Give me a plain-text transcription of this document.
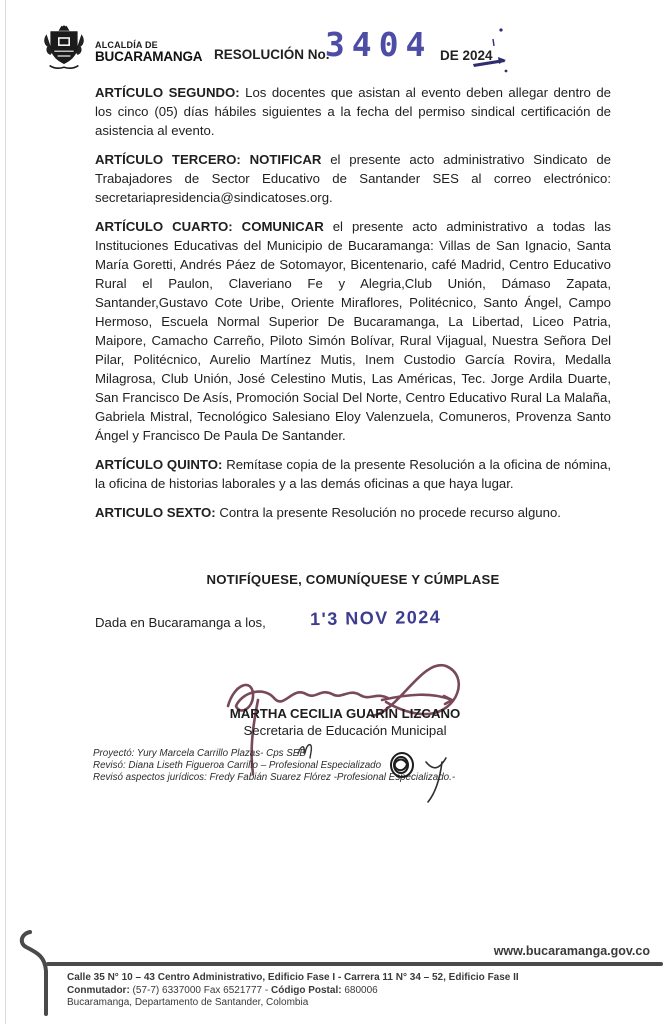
ALCALDÍA DE
BUCARAMANGA RESOLUCIÓN No.
3404 DE 2024

ARTÍCULO SEGUNDO: Los docentes que asistan al evento deben allegar dentro de los cinco (05) días hábiles siguientes a la fecha del permiso sindical certificación de asistencia al evento.

ARTÍCULO TERCERO: NOTIFICAR el presente acto administrativo Sindicato de Trabajadores de Sector Educativo de Santander SES al correo electrónico: secretariapresidencia@sindicatoses.org.

ARTÍCULO CUARTO: COMUNICAR el presente acto administrativo a todas las Instituciones Educativas del Municipio de Bucaramanga: Villas de San Ignacio, Santa María Goretti, Andrés Páez de Sotomayor, Bicentenario, café Madrid, Centro Educativo Rural el Paulon, Claveriano Fe y Alegria,Club Unión, Dámaso Zapata, Santander,Gustavo Cote Uribe, Oriente Miraflores, Politécnico, Santo Ángel, Campo Hermoso, Escuela Normal Superior De Bucaramanga, La Libertad, Liceo Patria, Maipore, Camacho Carreño, Piloto Simón Bolívar, Rural Vijagual, Nuestra Señora Del Pilar, Politécnico, Aurelio Martínez Mutis, Inem Custodio García Rovira, Medalla Milagrosa, Club Unión, José Celestino Mutis, Las Américas, Tec. Jorge Ardila Duarte, San Francisco De Asís, Promoción Social Del Norte, Centro Educativo Rural La Malaña, Gabriela Mistral, Tecnológico Salesiano Eloy Valenzuela, Comuneros, Provenza Santo Ángel y Francisco De Paula De Santander.

ARTÍCULO QUINTO: Remítase copia de la presente Resolución a la oficina de nómina, la oficina de historias laborales y a las demás oficinas a que haya lugar.

ARTICULO SEXTO: Contra la presente Resolución no procede recurso alguno.

NOTIFÍQUESE, COMUNÍQUESE Y CÚMPLASE

Dada en Bucaramanga a los, 1'3 NOV 2024

MARTHA CECILIA GUARÍN LIZCANO
Secretaria de Educación Municipal
Proyectó: Yury Marcela Carrillo Plazas- Cps SEB
Revisó: Diana Liseth Figueroa Carrillo – Profesional Especializado
Revisó aspectos jurídicos: Fredy Fabián Suarez Flórez -Profesional Especializado.-
www.bucaramanga.gov.co
Calle 35 N° 10 – 43 Centro Administrativo, Edificio Fase I - Carrera 11 N° 34 – 52, Edificio Fase II
Conmutador: (57-7) 6337000 Fax 6521777 - Código Postal: 680006
Bucaramanga, Departamento de Santander, Colombia
